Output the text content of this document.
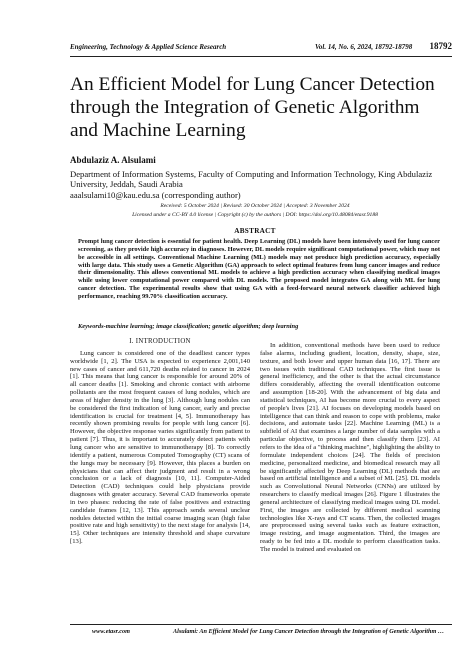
Engineering, Technology & Applied Science Research	Vol. 14, No. 6, 2024, 18792-18798 18792
An Efficient Model for Lung Cancer Detection through the Integration of Genetic Algorithm and Machine Learning
Abdulaziz A. Alsulami
Department of Information Systems, Faculty of Computing and Information Technology, King Abdulaziz University, Jeddah, Saudi Arabia
aaalsulami10@kau.edu.sa (corresponding author)
Received: 5 October 2024 | Revised: 30 October 2024 | Accepted: 3 November 2024
Licensed under a CC-BY 4.0 license | Copyright (c) by the authors | DOI: https://doi.org/10.48084/etasr.9188
ABSTRACT

Prompt lung cancer detection is essential for patient health. Deep Learning (DL) models have been intensively used for lung cancer screening, as they provide high accuracy in diagnoses. However, DL models require significant computational power, which may not be accessible in all settings. Conventional Machine Learning (ML) models may not produce high prediction accuracy, especially with large data. This study uses a Genetic Algorithm (GA) approach to select optimal features from lung cancer images and reduce their dimensionality. This allows conventional ML models to achieve a high prediction accuracy when classifying medical images while using lower computational power compared with DL models. The proposed model integrates GA along with ML for lung cancer detection. The experimental results show that using GA with a feed-forward neural network classifier achieved high performance, reaching 99.70% classification accuracy.

Keywords-machine learning; image classification; genetic algorithm; deep learning

I. INTRODUCTION

Lung cancer is considered one of the deadliest cancer types worldwide [1, 2]. The USA is expected to experience 2,001,140 new cases of cancer and 611,720 deaths related to cancer in 2024 [1]. This means that lung cancer is responsible for around 20% of all cancer deaths [1]. Smoking and chronic contact with airborne pollutants are the most frequent causes of lung nodules, which are areas of higher density in the lung [3]. Although lung nodules can be considered the first indication of lung cancer, early and precise identification is crucial for treatment [4, 5]. Immunotherapy has recently shown promising results for people with lung cancer [6]. However, the objective response varies significantly from patient to patient [7]. Thus, it is important to accurately detect patients with lung cancer who are sensitive to immunotherapy [8]. To correctly identify a patient, numerous Computed Tomography (CT) scans of the lungs may be necessary [9]. However, this places a burden on physicians that can affect their judgment and result in a wrong conclusion or a lack of diagnosis [10, 11]. Computer-Aided Detection (CAD) techniques could help physicians provide diagnoses with greater accuracy. Several CAD frameworks operate in two phases: reducing the rate of false positives and extracting candidate frames [12, 13]. This approach sends several unclear nodules detected within the initial coarse imaging scan (high false positive rate and high sensitivity) to the next stage for analysis [14, 15]. Other techniques are intensity threshold and shape curvature [13].

In addition, conventional methods have been used to reduce false alarms, including gradient, location, density, shape, size, texture, and both lower and upper human data [16, 17]. There are two issues with traditional CAD techniques. The first issue is general inefficiency, and the other is that the actual circumstance differs considerably, affecting the overall identification outcome and assumption [18-20]. With the advancement of big data and statistical techniques, AI has become more crucial to every aspect of people's lives [21]. AI focuses on developing models based on intelligence that can think and reason to cope with problems, make decisions, and automate tasks [22]. Machine Learning (ML) is a subfield of AI that examines a large number of data samples with a particular objective, to process and then classify them [23]. AI refers to the idea of a "thinking machine", highlighting the ability to formulate independent choices [24]. The fields of precision medicine, personalized medicine, and biomedical research may all be significantly affected by Deep Learning (DL) methods that are based on artificial intelligence and a subset of ML [25]. DL models such as Convolutional Neural Networks (CNNs) are utilized by researchers to classify medical images [26]. Figure 1 illustrates the general architecture of classifying medical images using DL model. First, the images are collected by different medical scanning technologies like X-rays and CT scans. Then, the collected images are preprocessed using several tasks such as feature extraction, image resizing, and image augmentation. Third, the images are ready to be fed into a DL module to perform classification tasks. The model is trained and evaluated on

www.etasr.com	Alsulami: An Efficient Model for Lung Cancer Detection through the Integration of Genetic Algorithm …
